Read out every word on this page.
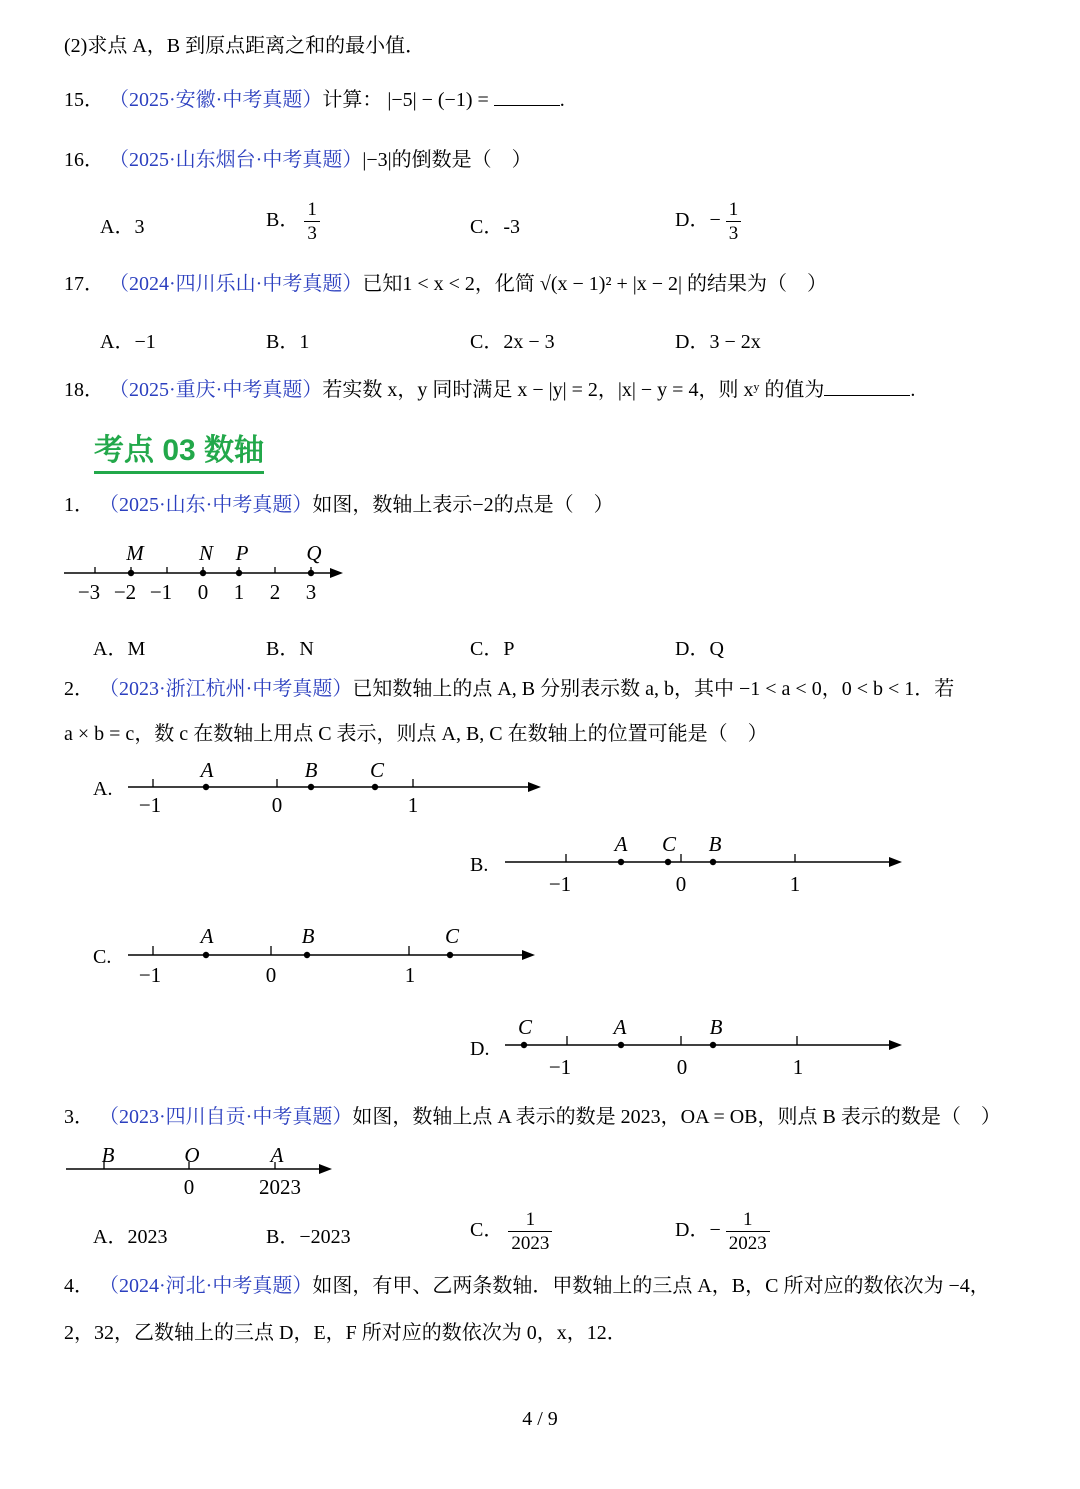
(2)求点 A，B 到原点距离之和的最小值．
15． （2025·安徽·中考真题）计算： |−5| − (−1) =	.
16． （2025·山东烟台·中考真题）|−3|的倒数是（　）
A．3	B． $\frac{1}{3}$	C．-3	D．− $\frac{1}{3}$
17． （2024·四川乐山·中考真题）已知1 < x < 2，化简 √(x − 1)² + |x − 2| 的结果为（　）
A．−1	B．1	C．2x − 3	D．3 − 2x
18． （2025·重庆·中考真题）若实数 x，y 同时满足 x − |y| = 2，|x| − y = 4，则 xʸ 的值为	.
考点 03 数轴
1． （2025·山东·中考真题）如图，数轴上表示−2的点是（　）
M	N P	Q
−3 −2 −1 0 1 2 3
A．M	B．N	C．P	D．Q
2． （2023·浙江杭州·中考真题）已知数轴上的点 A, B 分别表示数 a, b，其中 −1 < a < 0，0 < b < 1．若
a × b = c，数 c 在数轴上用点 C 表示，则点 A, B, C 在数轴上的位置可能是（　）
A.
A	B	C
−1	0	1
B.
A	B
C
−1	0	1
C.
A	B	C
−1	0	1
D.
A	B
C
−1	0	1
3． （2023·四川自贡·中考真题）如图，数轴上点 A 表示的数是 2023，OA = OB，则点 B 表示的数是（　）
B	O	A
0	2023
A．2023	B．−2023	C． $\frac{1}{2023}$	D．− $\frac{1}{2023}$
4． （2024·河北·中考真题）如图，有甲、乙两条数轴．甲数轴上的三点 A，B，C 所对应的数依次为 −4，
2，32，乙数轴上的三点 D，E，F 所对应的数依次为 0，x，12．
4 / 9
